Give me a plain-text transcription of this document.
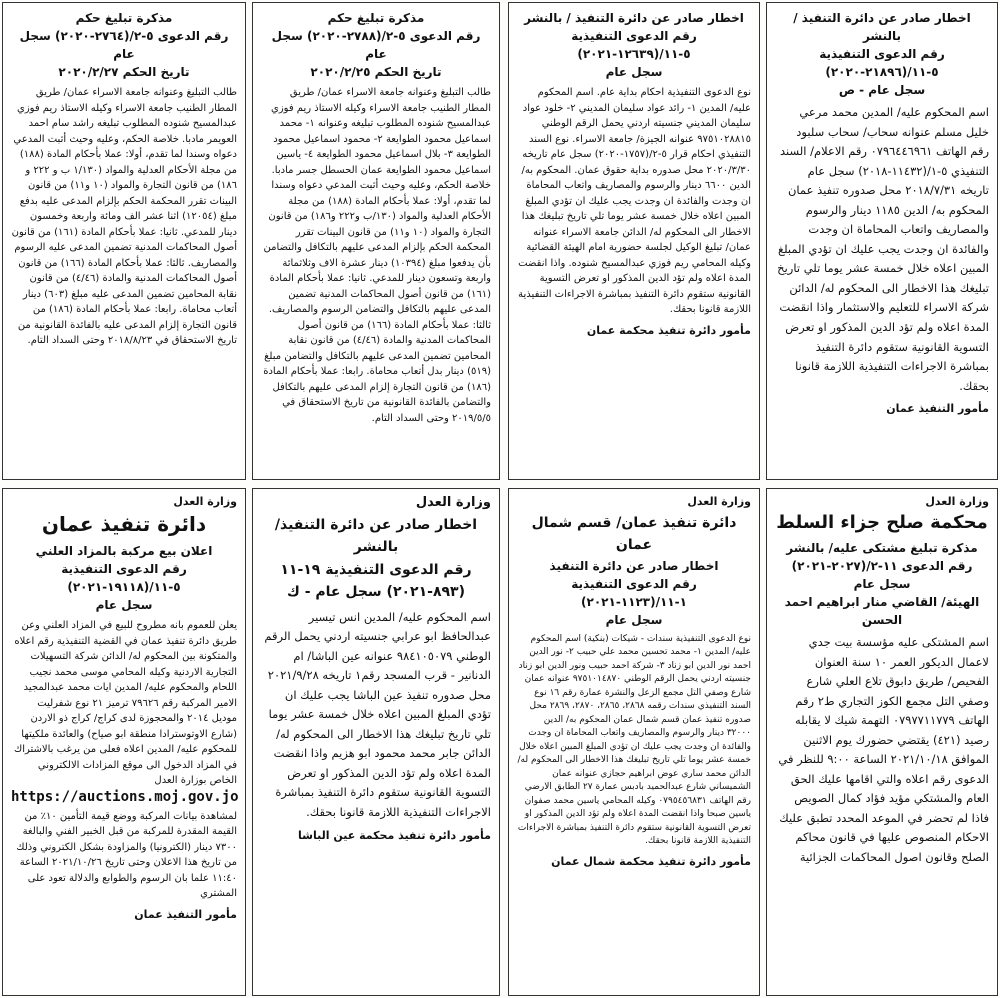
مذكرة تبليغ حكم
رقم الدعوى ٥-٢/(٢٧٦٤-٢٠٢٠) سجل عام
تاريخ الحكم ٢٠٢٠/٢/٢٧
طالب التبليغ وعنوانه جامعة الاسراء عمان/ طريق المطار الطنيب جامعة الاسراء وكيله الاستاذ ريم فوزي عبدالمسيح شنوده المطلوب تبليغه راشد سام احمد العويمر مادبا. خلاصة الحكم، وعليه وحيث أثبت المدعي دعواه وسندا لما تقدم، أولا: عملا بأحكام المادة (١٨٨) من مجلة الأحكام العدلية والمواد (١/١٣٠ ب و ٢٢٢ و ١٨٦) من قانون التجارة والمواد (١٠ و١١) من قانون البينات تقرر المحكمة الحكم بإلزام المدعى عليه بدفع مبلغ (١٢٠٥٤) اثنا عشر الف ومائة واربعة وخمسون دينار للمدعي. ثانيا: عملا بأحكام المادة (١٦١) من قانون أصول المحاكمات المدنية تضمين المدعى عليه الرسوم والمصاريف. ثالثا: عملا بأحكام المادة (١٦٦) من قانون أصول المحاكمات المدنية والمادة (٤/٤٦) من قانون نقابة المحامين تضمين المدعى عليه مبلغ (٦٠٣) دينار أتعاب محاماة. رابعا: عملا بأحكام المادة (١٨٦) من قانون التجارة إلزام المدعى عليه بالفائدة القانونية من تاريخ الاستحقاق في ٢٠١٨/٨/٢٣ وحتى السداد التام.
مذكرة تبليغ حكم
رقم الدعوى ٥-٢/(٢٧٨٨-٢٠٢٠) سجل عام
تاريخ الحكم ٢٠٢٠/٢/٢٥
طالب التبليغ وعنوانه جامعة الاسراء عمان/ طريق المطار الطنيب جامعة الاسراء وكيله الاستاذ ريم فوزي عبدالمسيح شنوده المطلوب تبليغه وعنوانه ١- محمد اسماعيل محمود الطوايعة ٢- محمود اسماعيل محمود الطوايعة ٣- بلال اسماعيل محمود الطوايعة ٤- ياسين اسماعيل محمود الطوايعة عمان الحسطل جسر مادبا. خلاصة الحكم، وعليه وحيث أثبت المدعي دعواه وسندا لما تقدم، أولا: عملا بأحكام المادة (١٨٨) من مجلة الأحكام العدلية والمواد (١٣٠/ب و٢٢٢ و١٨٦) من قانون التجارة والمواد (١٠ و١١) من قانون البينات تقرر المحكمة الحكم بإلزام المدعى عليهم بالتكافل والتضامن بأن يدفعوا مبلغ (١٠٣٩٤) دينار عشرة الاف وثلاثمائة واربعة وتسعون دينار للمدعي. ثانيا: عملا بأحكام المادة (١٦١) من قانون أصول المحاكمات المدنية تضمين المدعى عليهم بالتكافل والتضامن الرسوم والمصاريف. ثالثا: عملا بأحكام المادة (١٦٦) من قانون أصول المحاكمات المدنية والمادة (٤/٤٦) من قانون نقابة المحامين تضمين المدعى عليهم بالتكافل والتضامن مبلغ (٥١٩) دينار بدل أتعاب محاماة. رابعا: عملا بأحكام المادة (١٨٦) من قانون التجارة إلزام المدعى عليهم بالتكافل والتضامن بالفائدة القانونية من تاريخ الاستحقاق في ٢٠١٩/٥/٥ وحتى السداد التام.
اخطار صادر عن دائرة التنفيذ / بالنشر
رقم الدعوى التنفيذية ٥-١١/(١٢٦٣٩-٢٠٢١)
سجل عام
نوع الدعوى التنفيذية احكام بداية عام. اسم المحكوم عليه/ المدين ١- رائد عواد سليمان المديني ٢- خلود عواد سليمان المديني جنسيته اردني يحمل الرقم الوطني ٩٧٥١٠٢٨٨١٥ عنوانه الجيزة/ جامعة الاسراء. نوع السند التنفيذي احكام قرار ٥-٢/(١٧٥٧-٢٠٢٠) سجل عام تاريخه ٢٠٢٠/٣/٣٠ محل صدوره بداية حقوق عمان. المحكوم به/ الدين ٦٦٠٠ دينار والرسوم والمصاريف واتعاب المحاماة ان وجدت والفائدة ان وجدت يجب عليك ان تؤدي المبلغ المبين اعلاه خلال خمسة عشر يوما تلي تاريخ تبليغك هذا الاخطار الى المحكوم له/ الدائن جامعة الاسراء عنوانه عمان/ تبليغ الوكيل لجلسة حضورية امام الهيئة القضائية وكيله المحامي ريم فوزي عبدالمسيح شنوده. واذا انقضت المدة اعلاه ولم تؤد الدين المذكور او تعرض التسوية القانونية ستقوم دائرة التنفيذ بمباشرة الاجراءات التنفيذية اللازمة قانونا بحقك.
مأمور دائرة تنفيذ محكمة عمان
اخطار صادر عن دائرة التنفيذ / بالنشر
رقم الدعوى التنفيذية ٥-١١/(٢١٨٩٦-٢٠٢٠)
سجل عام - ص
اسم المحكوم عليه/ المدين محمد مرعي خليل مسلم عنوانه سحاب/ سحاب سلبود رقم الهاتف ٠٧٩٦٤٤٦٩٦١ رقم الاعلام/ السند التنفيذي ٥-١/(١١٤٣٢-٢٠١٨) سجل عام تاريخه ٢٠١٨/٧/٣١ محل صدوره تنفيذ عمان المحكوم به/ الدين ١١٨٥ دينار والرسوم والمصاريف واتعاب المحاماة ان وجدت والفائدة ان وجدت يجب عليك ان تؤدي المبلغ المبين اعلاه خلال خمسة عشر يوما تلي تاريخ تبليغك هذا الاخطار الى المحكوم له/ الدائن شركة الاسراء للتعليم والاستثمار واذا انقضت المدة اعلاه ولم تؤد الدين المذكور او تعرض التسوية القانونية ستقوم دائرة التنفيذ بمباشرة الاجراءات التنفيذية اللازمة قانونا بحقك.
مأمور التنفيذ عمان
وزارة العدل
دائرة تنفيذ عمان
اعلان بيع مركبة بالمزاد العلني
رقم الدعوى التنفيذية ٥-١١/(١٩١١٨-٢٠٢١)
سجل عام
يعلن للعموم بانه مطروح للبيع في المزاد العلني وعن طريق دائرة تنفيذ عمان في القضية التنفيذية رقم اعلاه والمتكونة بين المحكوم له/ الدائن شركة التسهيلات التجارية الاردنية وكيله المحامي موسى محمد نجيب اللحام والمحكوم عليه/ المدين ايات محمد عبدالمجيد الامير المركبة رقم ٧٩٦٢٦ ترميز ٢١ نوع شفرليت موديل ٢٠١٤ والمحجوزة لدى كراج/ كراج ذو الاردن (شارع الاوتوسترادا منطقة ابو صياح) والعائدة ملكيتها للمحكوم عليه/ المدين اعلاه فعلى من يرغب بالاشتراك في المزاد الدخول الى موقع المزادات الالكتروني الخاص بوزارة العدل
https://auctions.moj.gov.jo
لمشاهدة بيانات المركبة ووضع قيمة التأمين ١٠٪ من القيمة المقدرة للمركبة من قبل الخبير الفني والبالغة ٧٣٠٠ دينار (الكترونيا) والمزاودة بشكل الكتروني وذلك من تاريخ هذا الاعلان وحتى تاريخ ٢٠٢١/١٠/٢٦ الساعة ١١:٤٠ علما بان الرسوم والطوابع والدلالة تعود على المشتري
مأمور التنفيذ عمان
وزارة العدل
اخطار صادر عن دائرة التنفيذ/ بالنشر
رقم الدعوى التنفيذية ١٩-١١
(٨٩٣-٢٠٢١) سجل عام - ك
اسم المحكوم عليه/ المدين انس تيسير عبدالحافظ ابو عرابي جنسيته اردني يحمل الرقم الوطني ٩٨٤١٠٥٠٧٩ عنوانه عين الباشا/ ام الدنانير - قرب المسجد رقم١ تاريخه ٢٠٢١/٩/٢٨ محل صدوره تنفيذ عين الباشا يجب عليك ان تؤدي المبلغ المبين اعلاه خلال خمسة عشر يوما تلي تاريخ تبليغك هذا الاخطار الى المحكوم له/ الدائن جابر محمد محمود ابو هزيم واذا انقضت المدة اعلاه ولم تؤد الدين المذكور او تعرض التسوية القانونية ستقوم دائرة التنفيذ بمباشرة الاجراءات التنفيذية اللازمة قانونا بحقك.
مأمور دائرة تنفيذ محكمة عين الباشا
وزارة العدل
دائرة تنفيذ عمان/ قسم شمال عمان
اخطار صادر عن دائرة التنفيذ
رقم الدعوى التنفيذية ١-١١/(١١٢٣-٢٠٢١)
سجل عام
نوع الدعوى التنفيذية سندات - شيكات (بنكية) اسم المحكوم عليه/ المدين ١- محمد تحسين محمد علي حبيب ٢- نور الدين احمد نور الدين ابو زناد ٣- شركة احمد حبيب ونور الدين ابو زناد جنسيته اردني يحمل الرقم الوطني ٩٧٥١٠١٤٨٧٠ عنوانه عمان شارع وصفي التل مجمع الزعل والنشرة عمارة رقم ١٦ نوع السند التنفيذي سندات رقمه ٢٨٦٨، ٢٨٦٥، ٢٨٧٠، ٢٨٦٩ محل صدوره تنفيذ عمان قسم شمال عمان المحكوم به/ الدين ٣٢٠٠٠ دينار والرسوم والمصاريف واتعاب المحاماة ان وجدت والفائدة ان وجدت يجب عليك ان تؤدي المبلغ المبين اعلاه خلال خمسة عشر يوما تلي تاريخ تبليغك هذا الاخطار الى المحكوم له/ الدائن محمد ساري عوض ابراهيم حجازي عنوانه عمان الشميساني شارع عبدالحميد بادبس عمارة ٢٧ الطابق الارضي رقم الهاتف ٠٧٩٥٤٥٦٨٣١ وكيله المحامي ياسين محمد صفوان ياسين صبحا واذا انقضت المدة اعلاه ولم تؤد الدين المذكور او تعرض التسوية القانونية ستقوم دائرة التنفيذ بمباشرة الاجراءات التنفيذية اللازمة قانونا بحقك.
مأمور دائرة تنفيذ محكمة شمال عمان
وزارة العدل
محكمة صلح جزاء السلط
مذكرة تبليغ مشتكى عليه/ بالنشر
رقم الدعوى ١١-٢/(٢٠٢٧-٢٠٢١) سجل عام
الهيئة/ القاضي منار ابراهيم احمد الحسن
اسم المشتكى عليه مؤسسة بيت جدي لاعمال الديكور العمر ١٠ سنة العنوان الفحيص/ طريق دابوق تلاع العلي شارع وصفي التل مجمع الكوز التجاري ط٢ رقم الهاتف ٠٧٩٧٧١١٧٧٩ التهمة شيك لا يقابله رصيد (٤٢١) يقتضي حضورك يوم الاثنين الموافق ٢٠٢١/١٠/١٨ الساعة ٩:٠٠ للنظر في الدعوى رقم اعلاه والتي اقامها عليك الحق العام والمشتكي مؤيد فؤاد كمال الصويص فاذا لم تحضر في الموعد المحدد تطبق عليك الاحكام المنصوص عليها في قانون محاكم الصلح وقانون اصول المحاكمات الجزائية
